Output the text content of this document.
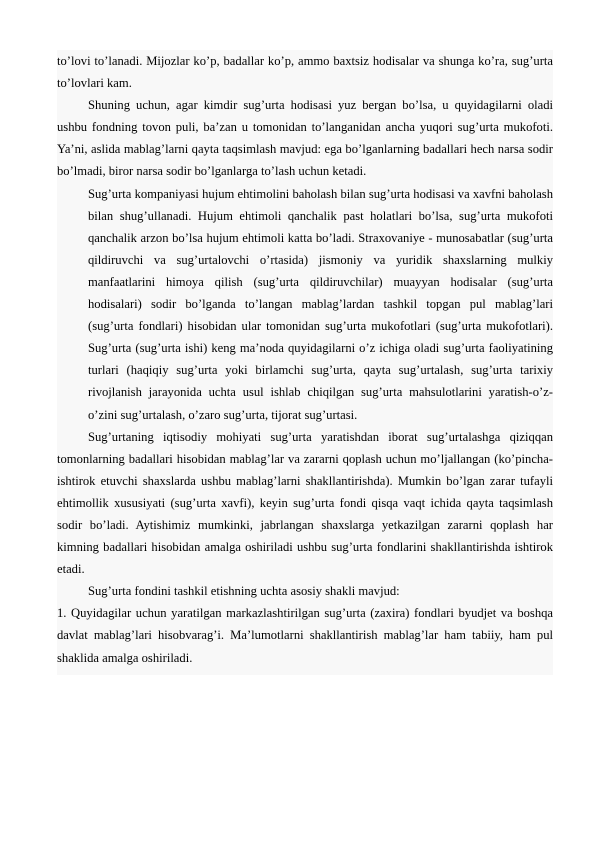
to’lovi to’lanadi. Mijozlar ko’p, badallar ko’p, ammo baxtsiz hodisalar va shunga ko’ra, sug’urta to’lovlari kam.

Shuning uchun, agar kimdir sug’urta hodisasi yuz bergan bo’lsa, u quyidagilarni oladi ushbu fondning tovon puli, ba’zan u tomonidan to’langanidan ancha yuqori sug’urta mukofoti. Ya’ni, aslida mablag’larni qayta taqsimlash mavjud: ega bo’lganlarning badallari hech narsa sodir bo’lmadi, biror narsa sodir bo’lganlarga to’lash uchun ketadi.

Sug’urta kompaniyasi hujum ehtimolini baholash bilan sug’urta hodisasi va xavfni baholash bilan shug’ullanadi. Hujum ehtimoli qanchalik past holatlari bo’lsa, sug’urta mukofoti qanchalik arzon bo’lsa hujum ehtimoli katta bo’ladi. Straxovaniye - munosabatlar (sug’urta qildiruvchi va sug’urtalovchi o’rtasida) jismoniy va yuridik shaxslarning mulkiy manfaatlarini himoya qilish (sug’urta qildiruvchilar) muayyan hodisalar (sug’urta hodisalari) sodir bo’lganda to’langan mablag’lardan tashkil topgan pul mablag’lari (sug’urta fondlari) hisobidan ular tomonidan sug’urta mukofotlari (sug’urta mukofotlari). Sug’urta (sug’urta ishi) keng ma’noda quyidagilarni o’z ichiga oladi sug’urta faoliyatining turlari (haqiqiy sug’urta yoki birlamchi sug’urta, qayta sug’urtalash, sug’urta tarixiy rivojlanish jarayonida uchta usul ishlab chiqilgan sug’urta mahsulotlarini yaratish-o’z-o’zini sug’urtalash, o’zaro sug’urta, tijorat sug’urtasi.

Sug’urtaning iqtisodiy mohiyati sug’urta yaratishdan iborat sug’urtalashga qiziqqan tomonlarning badallari hisobidan mablag’lar va zararni qoplash uchun mo’ljallangan (ko’pincha-ishtirok etuvchi shaxslarda ushbu mablag’larni shakllantirishda). Mumkin bo’lgan zarar tufayli ehtimollik xususiyati (sug’urta xavfi), keyin sug’urta fondi qisqa vaqt ichida qayta taqsimlash sodir bo’ladi. Aytishimiz mumkinki, jabrlangan shaxslarga yetkazilgan zararni qoplash har kimning badallari hisobidan amalga oshiriladi ushbu sug’urta fondlarini shakllantirishda ishtirok etadi.

Sug’urta fondini tashkil etishning uchta asosiy shakli mavjud:

1. Quyidagilar uchun yaratilgan markazlashtirilgan sug’urta (zaxira) fondlari byudjet va boshqa davlat mablag’lari hisobvarag’i. Ma’lumotlarni shakllantirish mablag’lar ham tabiiy, ham pul shaklida amalga oshiriladi.
